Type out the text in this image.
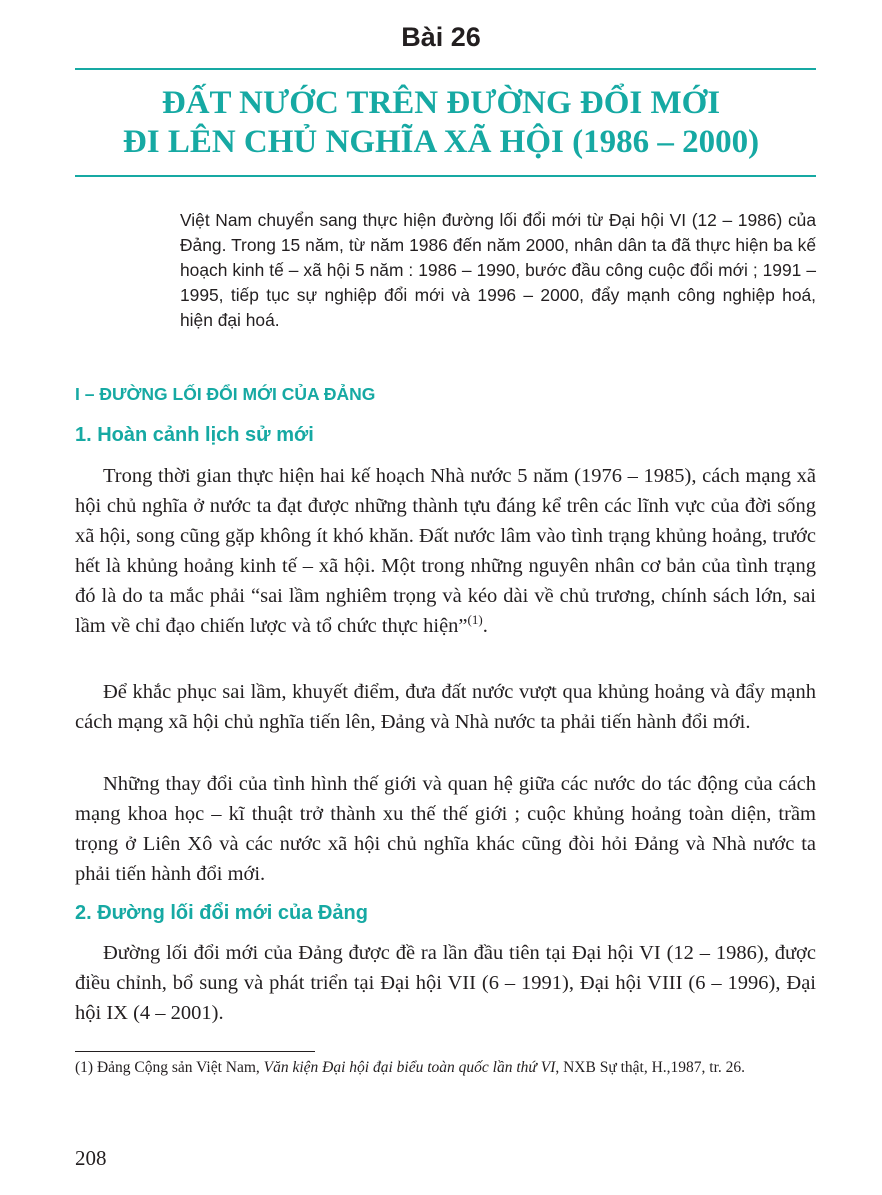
Bài 26
ĐẤT NƯỚC TRÊN ĐƯỜNG ĐỔI MỚI
ĐI LÊN CHỦ NGHĨA XÃ HỘI (1986 – 2000)
Việt Nam chuyển sang thực hiện đường lối đổi mới từ Đại hội VI (12 – 1986) của Đảng. Trong 15 năm, từ năm 1986 đến năm 2000, nhân dân ta đã thực hiện ba kế hoạch kinh tế – xã hội 5 năm : 1986 – 1990, bước đầu công cuộc đổi mới ; 1991 – 1995, tiếp tục sự nghiệp đổi mới và 1996 – 2000, đẩy mạnh công nghiệp hoá, hiện đại hoá.
I – ĐƯỜNG LỐI ĐỔI MỚI CỦA ĐẢNG
1. Hoàn cảnh lịch sử mới

Trong thời gian thực hiện hai kế hoạch Nhà nước 5 năm (1976 – 1985), cách mạng xã hội chủ nghĩa ở nước ta đạt được những thành tựu đáng kể trên các lĩnh vực của đời sống xã hội, song cũng gặp không ít khó khăn. Đất nước lâm vào tình trạng khủng hoảng, trước hết là khủng hoảng kinh tế – xã hội. Một trong những nguyên nhân cơ bản của tình trạng đó là do ta mắc phải “sai lầm nghiêm trọng và kéo dài về chủ trương, chính sách lớn, sai lầm về chỉ đạo chiến lược và tổ chức thực hiện”$^{(1)}$.

Để khắc phục sai lầm, khuyết điểm, đưa đất nước vượt qua khủng hoảng và đẩy mạnh cách mạng xã hội chủ nghĩa tiến lên, Đảng và Nhà nước ta phải tiến hành đổi mới.

Những thay đổi của tình hình thế giới và quan hệ giữa các nước do tác động của cách mạng khoa học – kĩ thuật trở thành xu thế thế giới ; cuộc khủng hoảng toàn diện, trầm trọng ở Liên Xô và các nước xã hội chủ nghĩa khác cũng đòi hỏi Đảng và Nhà nước ta phải tiến hành đổi mới.

2. Đường lối đổi mới của Đảng

Đường lối đổi mới của Đảng được đề ra lần đầu tiên tại Đại hội VI (12 – 1986), được điều chỉnh, bổ sung và phát triển tại Đại hội VII (6 – 1991), Đại hội VIII (6 – 1996), Đại hội IX (4 – 2001).

(1) Đảng Cộng sản Việt Nam, Văn kiện Đại hội đại biểu toàn quốc lần thứ VI, NXB Sự thật, H.,1987, tr. 26.
208
